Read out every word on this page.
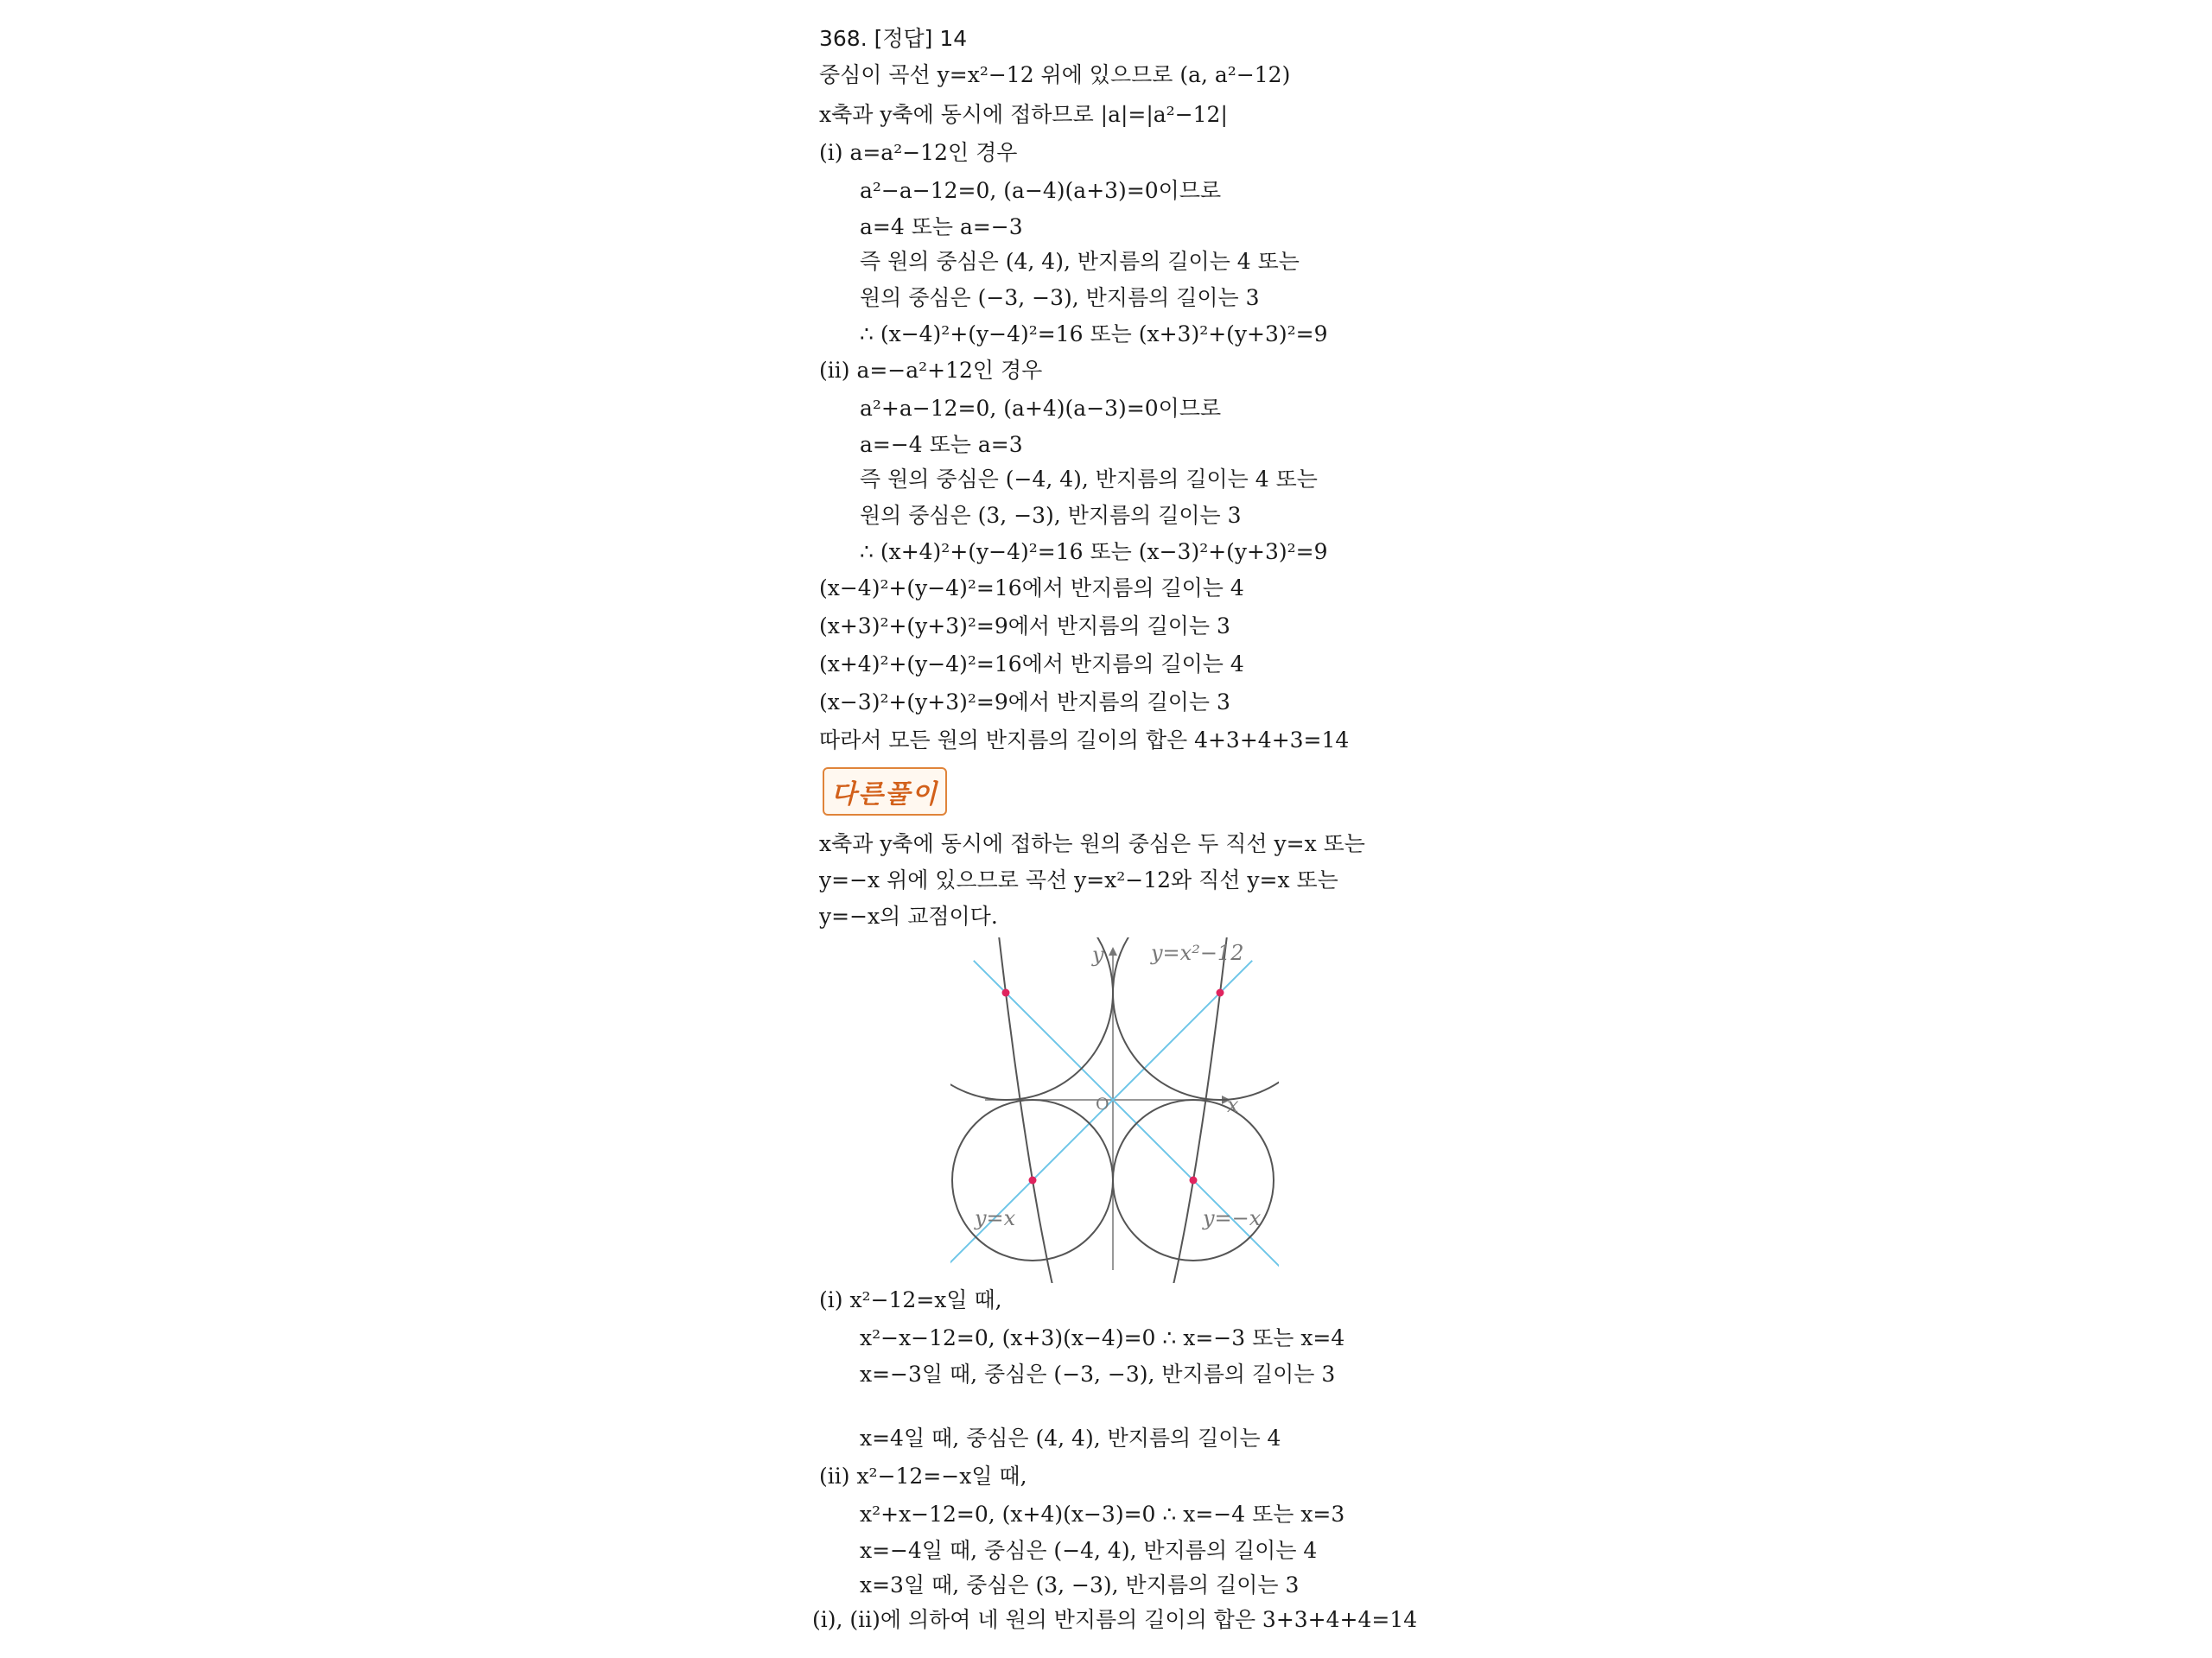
368. [정답] 14
중심이 곡선 y=x²−12 위에 있으므로 (a, a²−12)
x축과 y축에 동시에 접하므로 |a|=|a²−12|
(ⅰ) a=a²−12인 경우
a²−a−12=0, (a−4)(a+3)=0이므로
a=4 또는 a=−3
즉 원의 중심은 (4, 4), 반지름의 길이는 4 또는
원의 중심은 (−3, −3), 반지름의 길이는 3
∴ (x−4)²+(y−4)²=16 또는 (x+3)²+(y+3)²=9
(ⅱ) a=−a²+12인 경우
a²+a−12=0, (a+4)(a−3)=0이므로
a=−4 또는 a=3
즉 원의 중심은 (−4, 4), 반지름의 길이는 4 또는
원의 중심은 (3, −3), 반지름의 길이는 3
∴ (x+4)²+(y−4)²=16 또는 (x−3)²+(y+3)²=9
(x−4)²+(y−4)²=16에서 반지름의 길이는 4
(x+3)²+(y+3)²=9에서 반지름의 길이는 3
(x+4)²+(y−4)²=16에서 반지름의 길이는 4
(x−3)²+(y+3)²=9에서 반지름의 길이는 3
따라서 모든 원의 반지름의 길이의 합은 4+3+4+3=14
다른풀이
x축과 y축에 동시에 접하는 원의 중심은 두 직선 y=x 또는
y=−x 위에 있으므로 곡선 y=x²−12와 직선 y=x 또는
y=−x의 교점이다.
y
x
O
y=x²−12
y=x	y=−x
(ⅰ) x²−12=x일 때,
x²−x−12=0, (x+3)(x−4)=0 ∴ x=−3 또는 x=4
x=−3일 때, 중심은 (−3, −3), 반지름의 길이는 3
x=4일 때, 중심은 (4, 4), 반지름의 길이는 4
(ⅱ) x²−12=−x일 때,
x²+x−12=0, (x+4)(x−3)=0 ∴ x=−4 또는 x=3
x=−4일 때, 중심은 (−4, 4), 반지름의 길이는 4
x=3일 때, 중심은 (3, −3), 반지름의 길이는 3
(ⅰ), (ⅱ)에 의하여 네 원의 반지름의 길이의 합은 3+3+4+4=14
